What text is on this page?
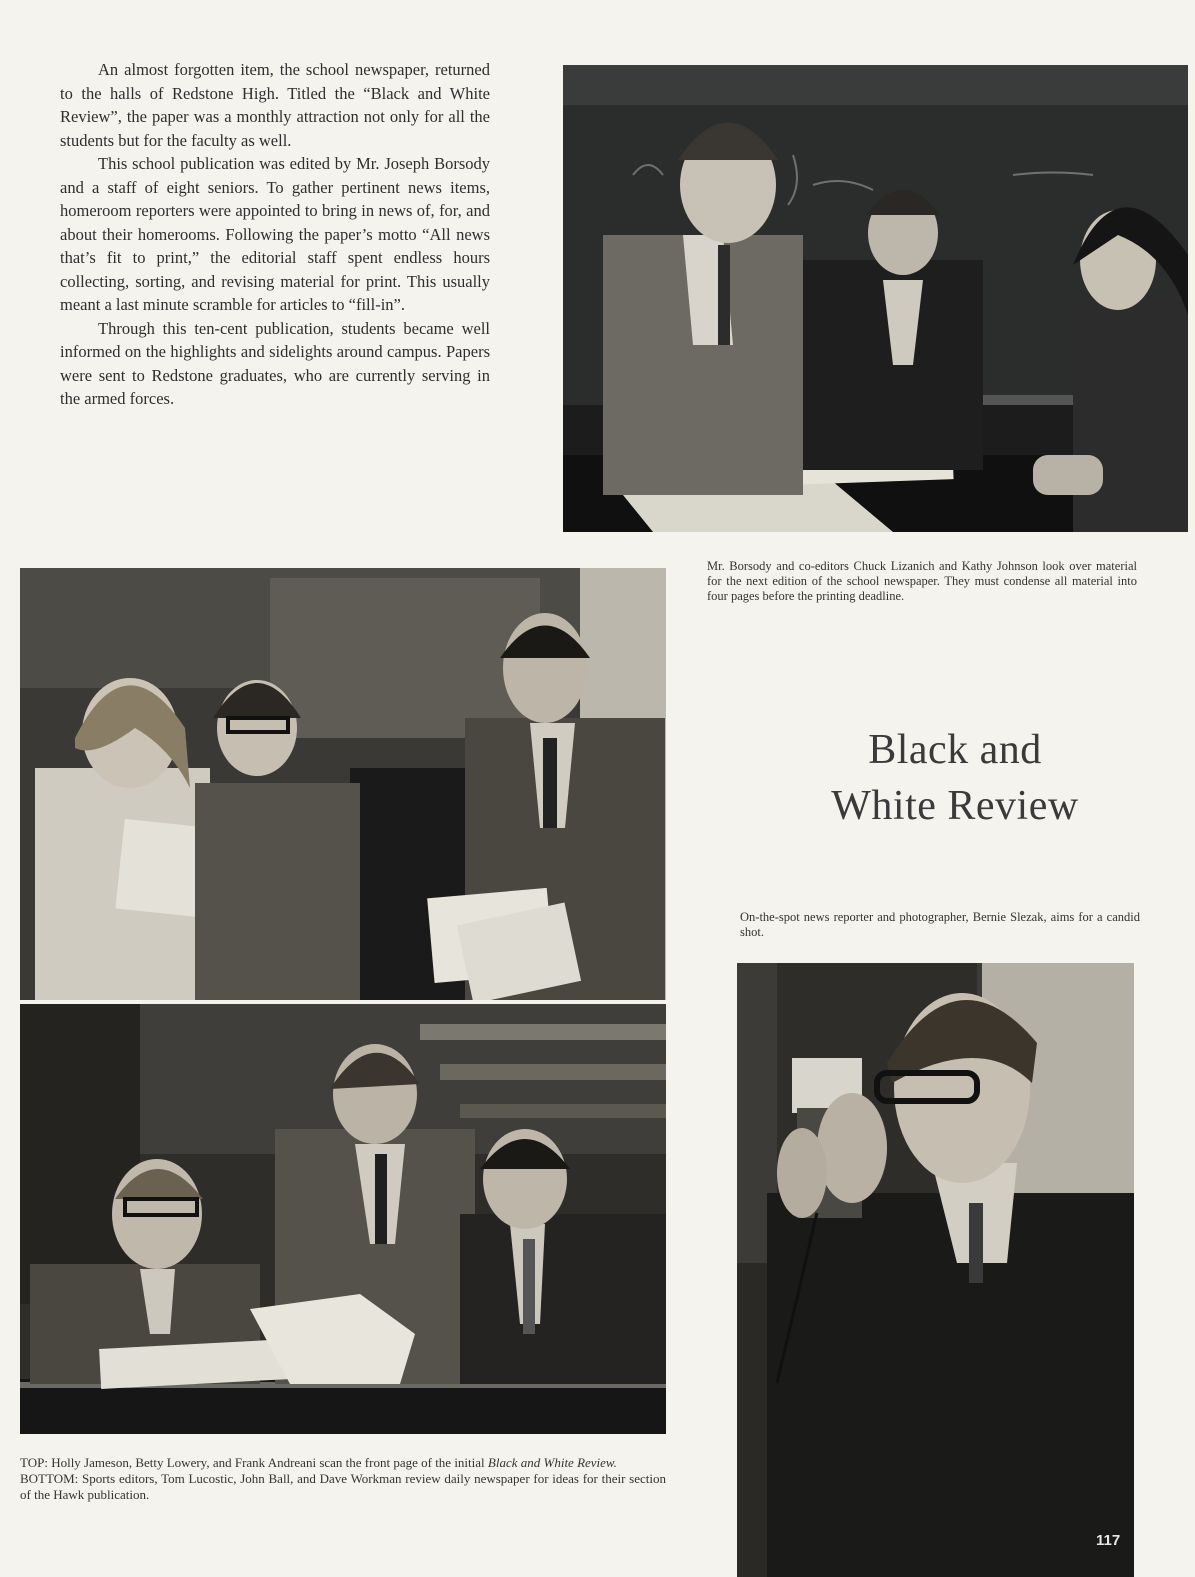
An almost forgotten item, the school newspaper, returned to the halls of Redstone High. Titled the “Black and White Review”, the paper was a monthly attraction not only for all the students but for the faculty as well.

This school publication was edited by Mr. Joseph Borsody and a staff of eight seniors. To gather pertinent news items, homeroom reporters were appointed to bring in news of, for, and about their homerooms. Following the paper’s motto “All news that’s fit to print,” the editorial staff spent endless hours collecting, sorting, and revising material for print. This usually meant a last minute scramble for articles to “fill-in”.

Through this ten-cent publication, students became well informed on the highlights and sidelights around campus. Papers were sent to Redstone graduates, who are currently serving in the armed forces.

Mr. Borsody and co-editors Chuck Lizanich and Kathy Johnson look over material for the next edition of the school newspaper. They must condense all material into four pages before the printing deadline.
TOP: Holly Jameson, Betty Lowery, and Frank Andreani scan the front page of the initial Black and White Review.
BOTTOM: Sports editors, Tom Lucostic, John Ball, and Dave Workman review daily newspaper for ideas for their section of the Hawk publication.
Black and
White Review
On-the-spot news reporter and photographer, Bernie Slezak, aims for a candid shot.
117
